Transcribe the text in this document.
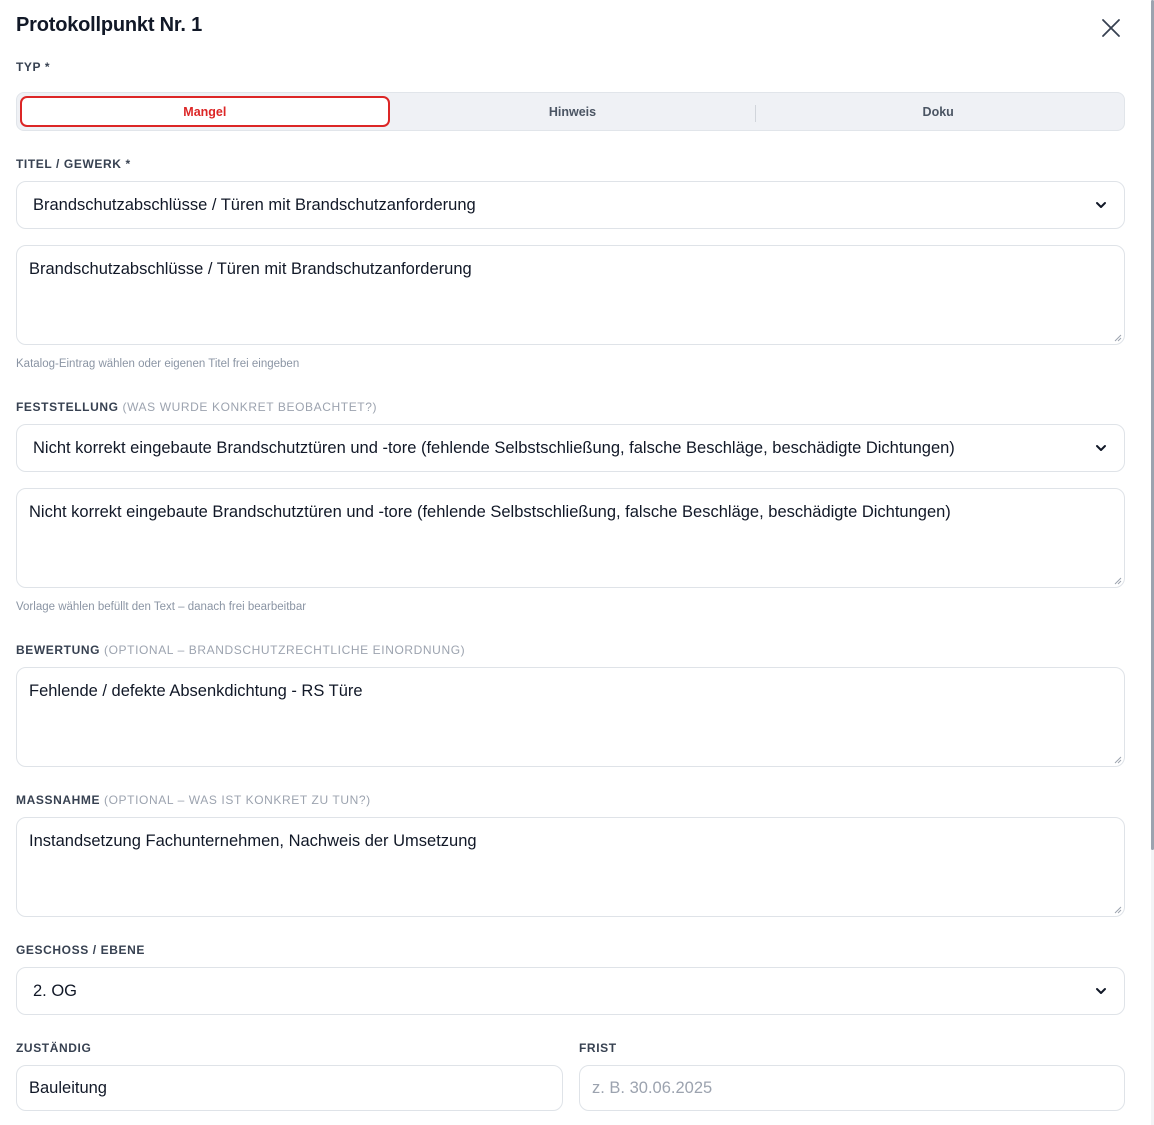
Protokollpunkt Nr. 1
TYP *
Mangel	Hinweis	Doku
TITEL / GEWERK *
Brandschutzabschlüsse / Türen mit Brandschutzanforderung
Brandschutzabschlüsse / Türen mit Brandschutzanforderung
Katalog-Eintrag wählen oder eigenen Titel frei eingeben
FESTSTELLUNG (WAS WURDE KONKRET BEOBACHTET?)
Nicht korrekt eingebaute Brandschutztüren und -tore (fehlende Selbstschließung, falsche Beschläge, beschädigte Dichtungen)
Nicht korrekt eingebaute Brandschutztüren und -tore (fehlende Selbstschließung, falsche Beschläge, beschädigte Dichtungen)
Vorlage wählen befüllt den Text – danach frei bearbeitbar
BEWERTUNG (OPTIONAL – BRANDSCHUTZRECHTLICHE EINORDNUNG)
Fehlende / defekte Absenkdichtung - RS Türe
MASSNAHME (OPTIONAL – WAS IST KONKRET ZU TUN?)
Instandsetzung Fachunternehmen, Nachweis der Umsetzung
GESCHOSS / EBENE
2. OG
ZUSTÄNDIG	FRIST
Bauleitung	z. B. 30.06.2025
